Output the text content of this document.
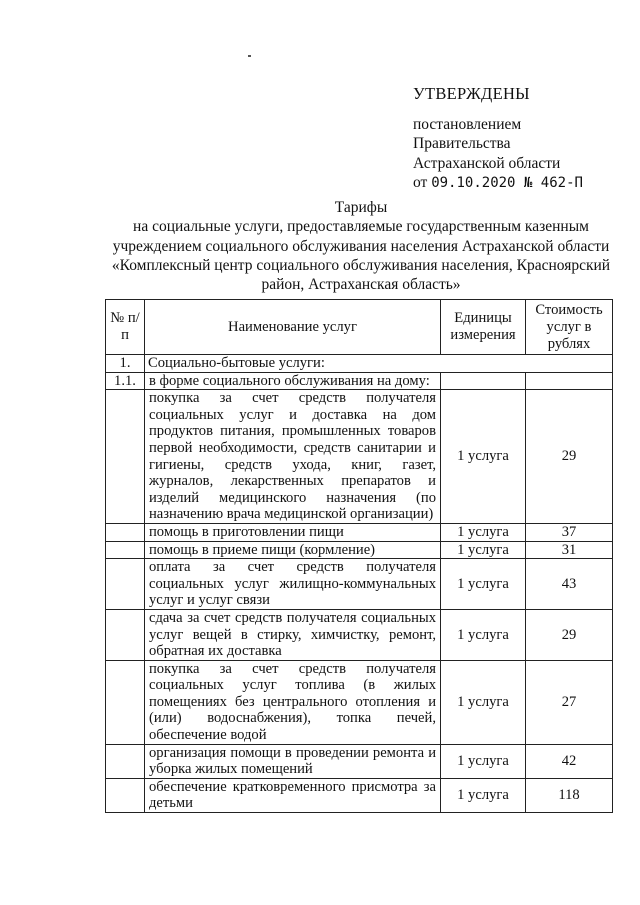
УТВЕРЖДЕНЫ
постановлением
Правительства
Астраханской области
от 09.10.2020 № 462-П
Тарифы
на социальные услуги, предоставляемые государственным казенным
учреждением социального обслуживания населения Астраханской области
«Комплексный центр социального обслуживания населения, Красноярский
район, Астраханская область»
№ п/п	Наименование услуг	Единицы измерения	Стоимость услуг в рублях
1.	Социально-бытовые услуги:		
1.1.	в форме социального обслуживания на дому:		
	покупка за счет средств получателя социальных услуг и доставка на дом продуктов питания, промышленных товаров первой необходимости, средств санитарии и гигиены, средств ухода, книг, газет, журналов, лекарственных препаратов и изделий медицинского назначения (по назначению врача медицинской организации)	1 услуга	29
	помощь в приготовлении пищи	1 услуга	37
	помощь в приеме пищи (кормление)	1 услуга	31
	оплата за счет средств получателя социальных услуг жилищно-коммунальных услуг и услуг связи	1 услуга	43
	сдача за счет средств получателя социальных услуг вещей в стирку, химчистку, ремонт, обратная их доставка	1 услуга	29
	покупка за счет средств получателя социальных услуг топлива (в жилых помещениях без центрального отопления и (или) водоснабжения), топка печей, обеспечение водой	1 услуга	27
	организация помощи в проведении ремонта и уборка жилых помещений	1 услуга	42
	обеспечение кратковременного присмотра за детьми	1 услуга	118
